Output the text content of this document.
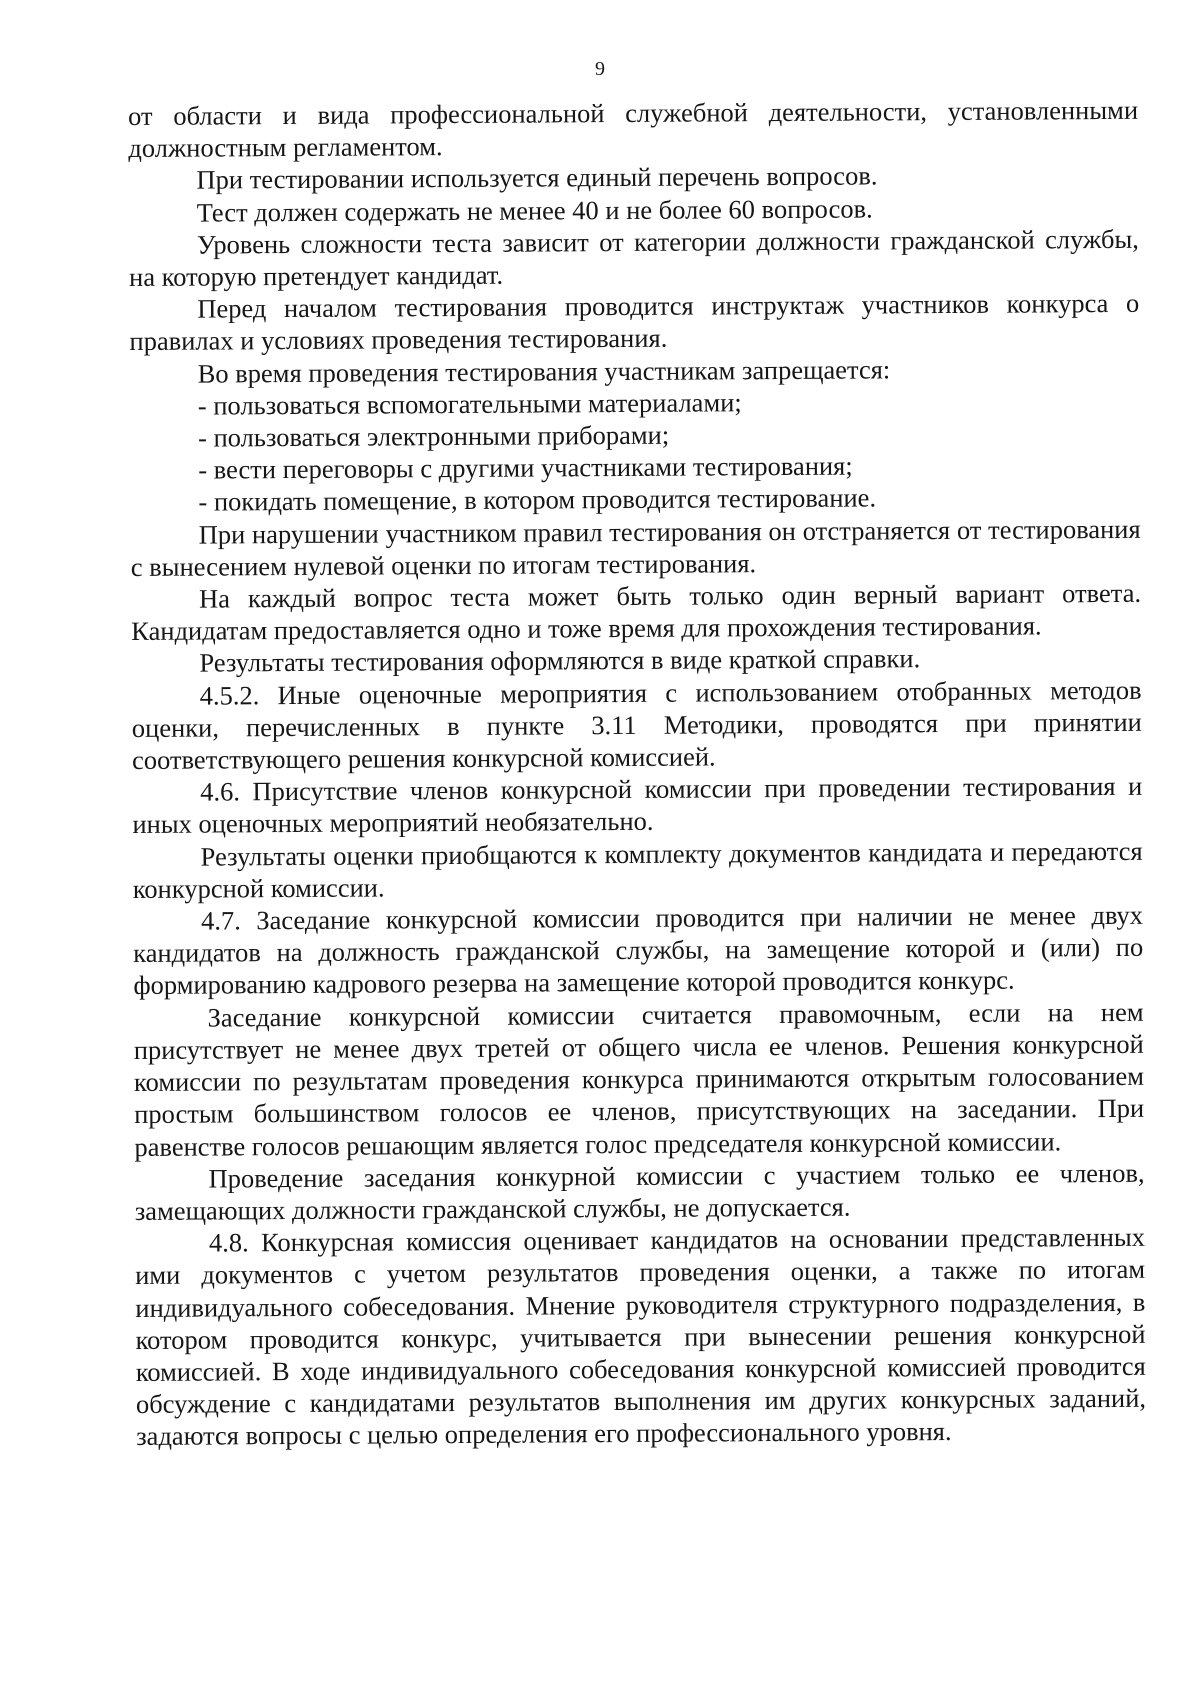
9

от области и вида профессиональной служебной деятельности, установленными должностным регламентом.

При тестировании используется единый перечень вопросов.

Тест должен содержать не менее 40 и не более 60 вопросов.

Уровень сложности теста зависит от категории должности гражданской службы, на которую претендует кандидат.

Перед началом тестирования проводится инструктаж участников конкурса о правилах и условиях проведения тестирования.

Во время проведения тестирования участникам запрещается:

- пользоваться вспомогательными материалами;

- пользоваться электронными приборами;

- вести переговоры с другими участниками тестирования;

- покидать помещение, в котором проводится тестирование.

При нарушении участником правил тестирования он отстраняется от тестирования с вынесением нулевой оценки по итогам тестирования.

На каждый вопрос теста может быть только один верный вариант ответа. Кандидатам предоставляется одно и тоже время для прохождения тестирования.

Результаты тестирования оформляются в виде краткой справки.

4.5.2. Иные оценочные мероприятия с использованием отобранных методов оценки, перечисленных в пункте 3.11 Методики, проводятся при принятии соответствующего решения конкурсной комиссией.

4.6. Присутствие членов конкурсной комиссии при проведении тестирования и иных оценочных мероприятий необязательно.

Результаты оценки приобщаются к комплекту документов кандидата и передаются конкурсной комиссии.

4.7. Заседание конкурсной комиссии проводится при наличии не менее двух кандидатов на должность гражданской службы, на замещение которой и (или) по формированию кадрового резерва на замещение которой проводится конкурс.

Заседание конкурсной комиссии считается правомочным, если на нем присутствует не менее двух третей от общего числа ее членов. Решения конкурсной комиссии по результатам проведения конкурса принимаются открытым голосованием простым большинством голосов ее членов, присутствующих на заседании. При равенстве голосов решающим является голос председателя конкурсной комиссии.

Проведение заседания конкурной комиссии с участием только ее членов, замещающих должности гражданской службы, не допускается.

4.8. Конкурсная комиссия оценивает кандидатов на основании представленных ими документов с учетом результатов проведения оценки, а также по итогам индивидуального собеседования. Мнение руководителя структурного подразделения, в котором проводится конкурс, учитывается при вынесении решения конкурсной комиссией. В ходе индивидуального собеседования конкурсной комиссией проводится обсуждение с кандидатами результатов выполнения им других конкурсных заданий, задаются вопросы с целью определения его профессионального уровня.
